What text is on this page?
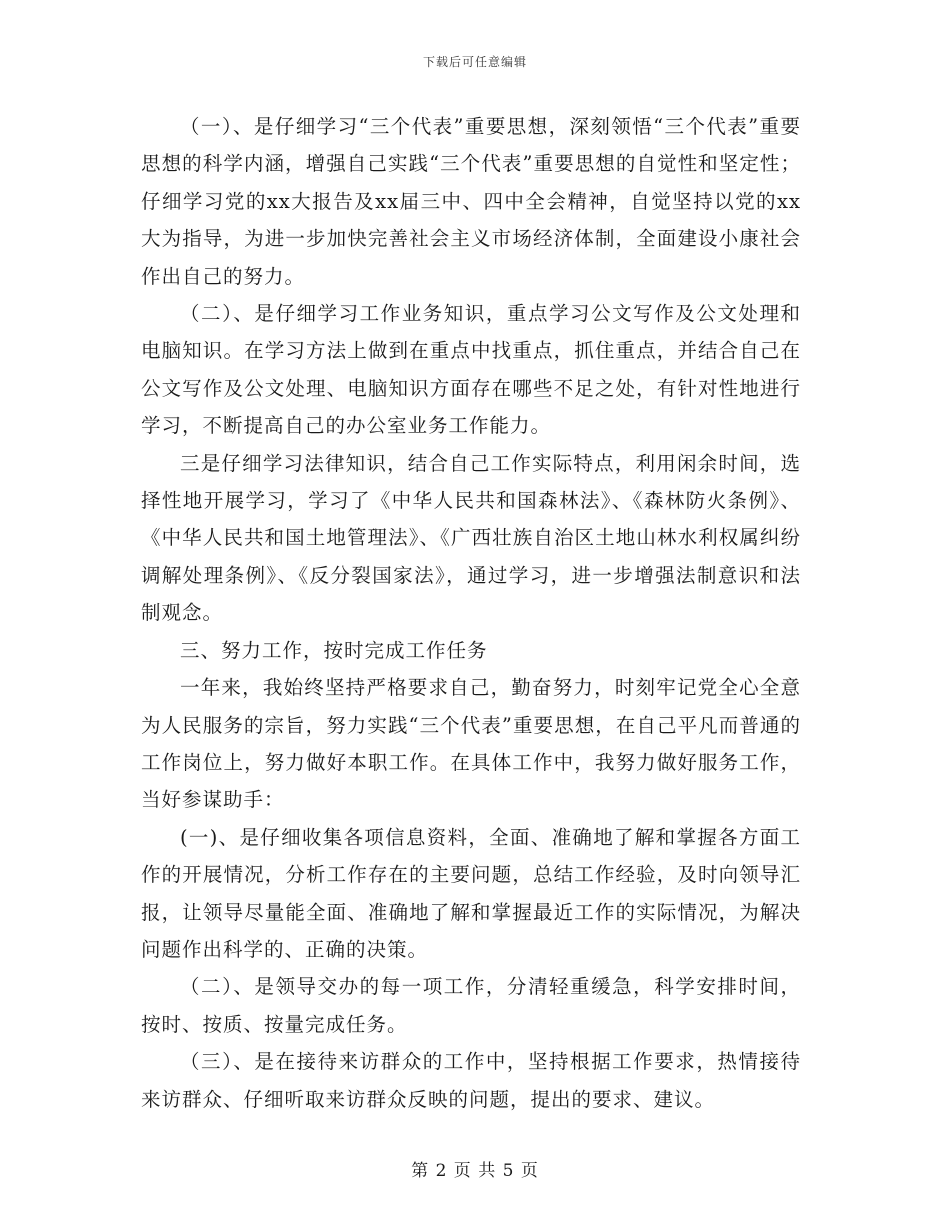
下载后可任意编辑

（一）、是仔细学习“三个代表”重要思想，深刻领悟“三个代表”重要思想的科学内涵，增强自己实践“三个代表”重要思想的自觉性和坚定性；仔细学习党的xx大报告及xx届三中、四中全会精神，自觉坚持以党的xx大为指导，为进一步加快完善社会主义市场经济体制，全面建设小康社会作出自己的努力。

（二）、是仔细学习工作业务知识，重点学习公文写作及公文处理和电脑知识。在学习方法上做到在重点中找重点，抓住重点，并结合自己在公文写作及公文处理、电脑知识方面存在哪些不足之处，有针对性地进行学习，不断提高自己的办公室业务工作能力。

三是仔细学习法律知识，结合自己工作实际特点，利用闲余时间，选择性地开展学习，学习了《中华人民共和国森林法》、《森林防火条例》、《中华人民共和国土地管理法》、《广西壮族自治区土地山林水利权属纠纷调解处理条例》、《反分裂国家法》，通过学习，进一步增强法制意识和法制观念。

三、努力工作，按时完成工作任务

一年来，我始终坚持严格要求自己，勤奋努力，时刻牢记党全心全意为人民服务的宗旨，努力实践“三个代表”重要思想，在自己平凡而普通的工作岗位上，努力做好本职工作。在具体工作中，我努力做好服务工作，当好参谋助手：

(一)、是仔细收集各项信息资料，全面、准确地了解和掌握各方面工作的开展情况，分析工作存在的主要问题，总结工作经验，及时向领导汇报，让领导尽量能全面、准确地了解和掌握最近工作的实际情况，为解决问题作出科学的、正确的决策。

（二）、是领导交办的每一项工作，分清轻重缓急，科学安排时间，按时、按质、按量完成任务。

（三）、是在接待来访群众的工作中，坚持根据工作要求，热情接待来访群众、仔细听取来访群众反映的问题，提出的要求、建议。

第 2 页 共 5 页
